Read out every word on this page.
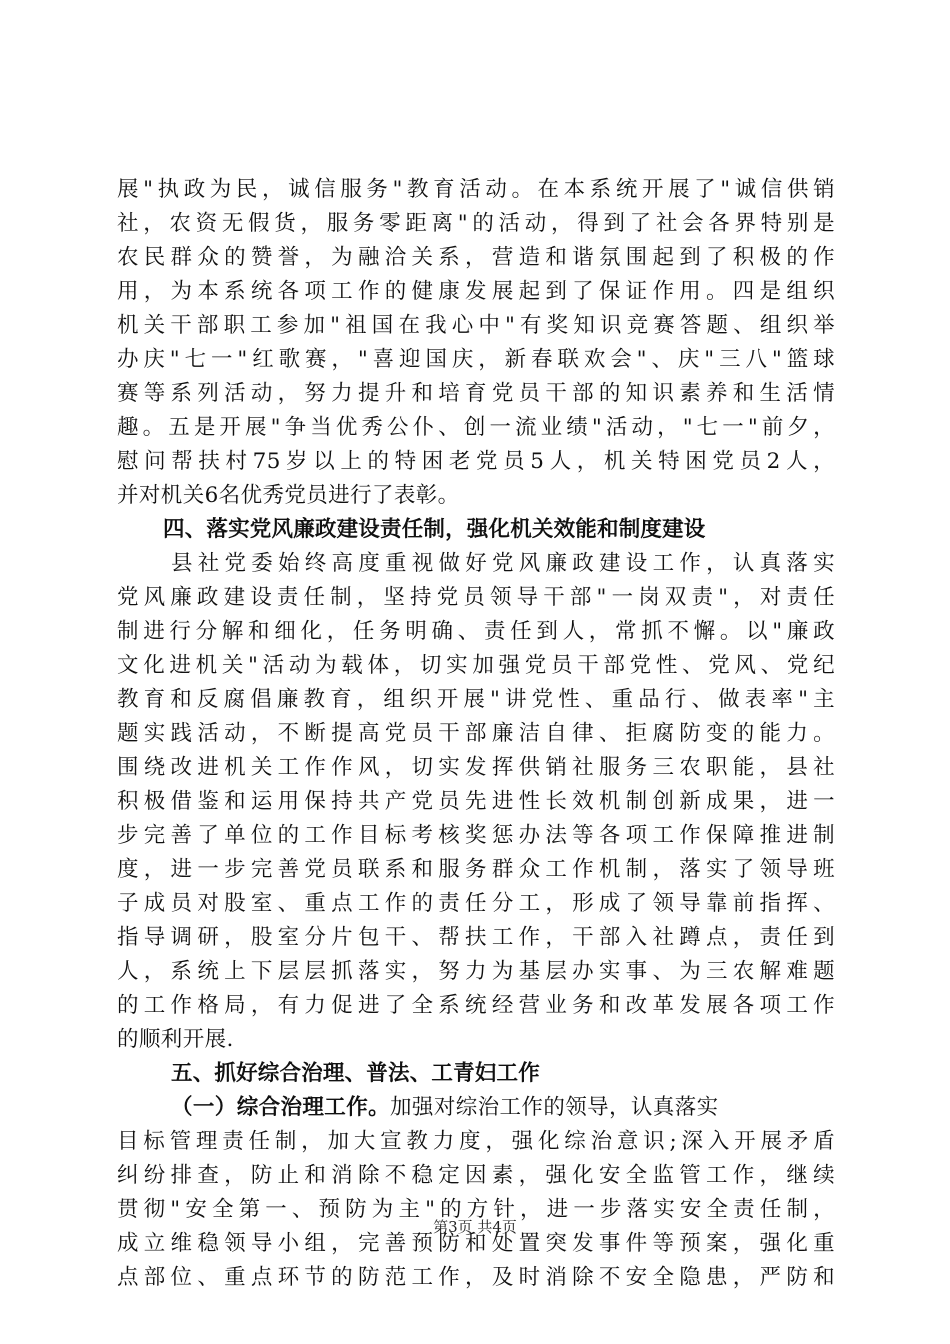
展"执政为民，诚信服务"教育活动。在本系统开展了"诚信供销
社，农资无假货，服务零距离"的活动，得到了社会各界特别是
农民群众的赞誉，为融洽关系，营造和谐氛围起到了积极的作
用，为本系统各项工作的健康发展起到了保证作用。四是组织
机关干部职工参加"祖国在我心中"有奖知识竞赛答题、组织举
办庆"七一"红歌赛，"喜迎国庆，新春联欢会"、庆"三八"篮球
赛等系列活动，努力提升和培育党员干部的知识素养和生活情
趣。五是开展"争当优秀公仆、创一流业绩"活动，"七一"前夕，
慰问帮扶村75岁以上的特困老党员5人，机关特困党员2人，
并对机关6名优秀党员进行了表彰。
四、落实党风廉政建设责任制，强化机关效能和制度建设
县社党委始终高度重视做好党风廉政建设工作，认真落实
党风廉政建设责任制，坚持党员领导干部"一岗双责"，对责任
制进行分解和细化，任务明确、责任到人，常抓不懈。以"廉政
文化进机关"活动为载体，切实加强党员干部党性、党风、党纪
教育和反腐倡廉教育，组织开展"讲党性、重品行、做表率"主
题实践活动，不断提高党员干部廉洁自律、拒腐防变的能力。
围绕改进机关工作作风，切实发挥供销社服务三农职能，县社
积极借鉴和运用保持共产党员先进性长效机制创新成果，进一
步完善了单位的工作目标考核奖惩办法等各项工作保障推进制
度，进一步完善党员联系和服务群众工作机制，落实了领导班
子成员对股室、重点工作的责任分工，形成了领导靠前指挥、
指导调研，股室分片包干、帮扶工作，干部入社蹲点，责任到
人，系统上下层层抓落实，努力为基层办实事、为三农解难题
的工作格局，有力促进了全系统经营业务和改革发展各项工作
的顺利开展.
五、抓好综合治理、普法、工青妇工作
（一）综合治理工作。加强对综治工作的领导，认真落实
目标管理责任制，加大宣教力度，强化综治意识;深入开展矛盾
纠纷排查，防止和消除不稳定因素，强化安全监管工作，继续
贯彻"安全第一、预防为主"的方针，进一步落实安全责任制，
成立维稳领导小组，完善预防和处置突发事件等预案，强化重
点部位、重点环节的防范工作，及时消除不安全隐患，严防和
第3页 共4页
